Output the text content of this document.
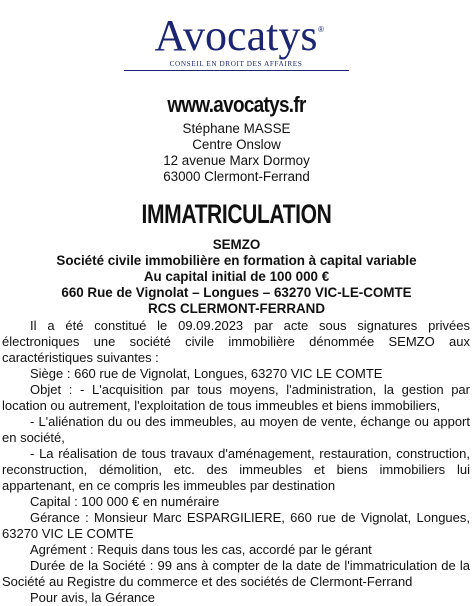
Avocatys ®
CONSEIL EN DROIT DES AFFAIRES
www.avocatys.fr
Stéphane MASSE
Centre Onslow
12 avenue Marx Dormoy
63000 Clermont-Ferrand
IMMATRICULATION
SEMZO
Société civile immobilière en formation à capital variable
Au capital initial de 100 000 €
660 Rue de Vignolat – Longues – 63270 VIC-LE-COMTE
RCS CLERMONT-FERRAND

Il a été constitué le 09.09.2023 par acte sous signatures privées électroniques une société civile immobilière dénommée SEMZO aux caractéristiques suivantes :

Siège : 660 rue de Vignolat, Longues, 63270 VIC LE COMTE

Objet : - L'acquisition par tous moyens, l'administration, la gestion par location ou autrement, l'exploitation de tous immeubles et biens immobiliers,

- L'aliénation du ou des immeubles, au moyen de vente, échange ou apport en société,

- La réalisation de tous travaux d'aménagement, restauration, construction, reconstruction, démolition, etc. des immeubles et biens immobiliers lui appartenant, en ce compris les immeubles par destination

Capital : 100 000 € en numéraire

Gérance : Monsieur Marc ESPARGILIERE, 660 rue de Vignolat, Longues, 63270 VIC LE COMTE

Agrément : Requis dans tous les cas, accordé par le gérant

Durée de la Société : 99 ans à compter de la date de l'immatriculation de la Société au Registre du commerce et des sociétés de Clermont-Ferrand

Pour avis, la Gérance
